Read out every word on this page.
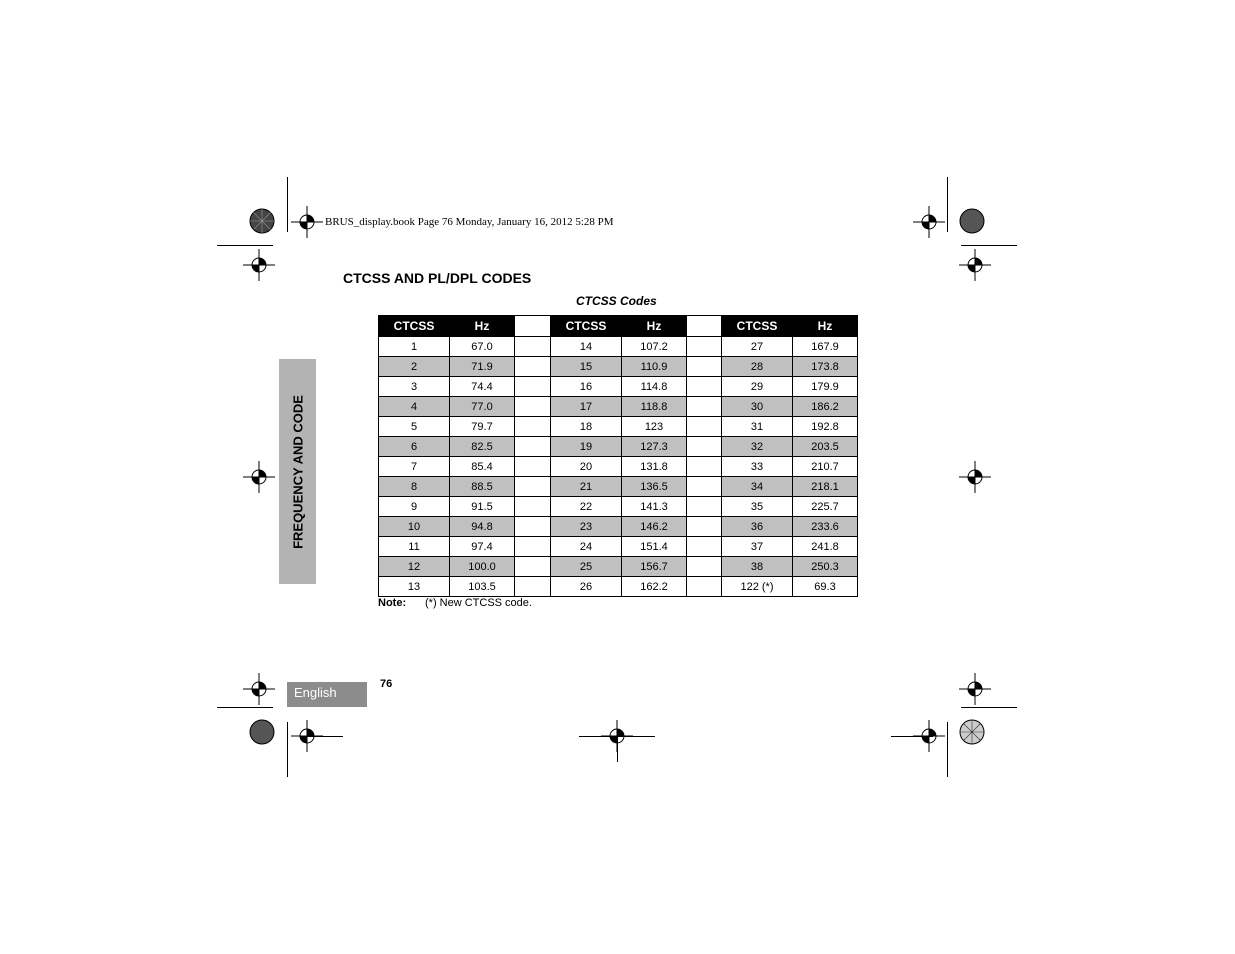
BRUS_display.book Page 76 Monday, January 16, 2012 5:28 PM
CTCSS AND PL/DPL CODES
CTCSS Codes
FREQUENCY AND CODE
CTCSS	Hz		CTCSS	Hz		CTCSS	Hz
1	67.0		14	107.2		27	167.9
2	71.9		15	110.9		28	173.8
3	74.4		16	114.8		29	179.9
4	77.0		17	118.8		30	186.2
5	79.7		18	123		31	192.8
6	82.5		19	127.3		32	203.5
7	85.4		20	131.8		33	210.7
8	88.5		21	136.5		34	218.1
9	91.5		22	141.3		35	225.7
10	94.8		23	146.2		36	233.6
11	97.4		24	151.4		37	241.8
12	100.0		25	156.7		38	250.3
13	103.5		26	162.2		122 (*)	69.3
Note: (*) New CTCSS code.
English
76
